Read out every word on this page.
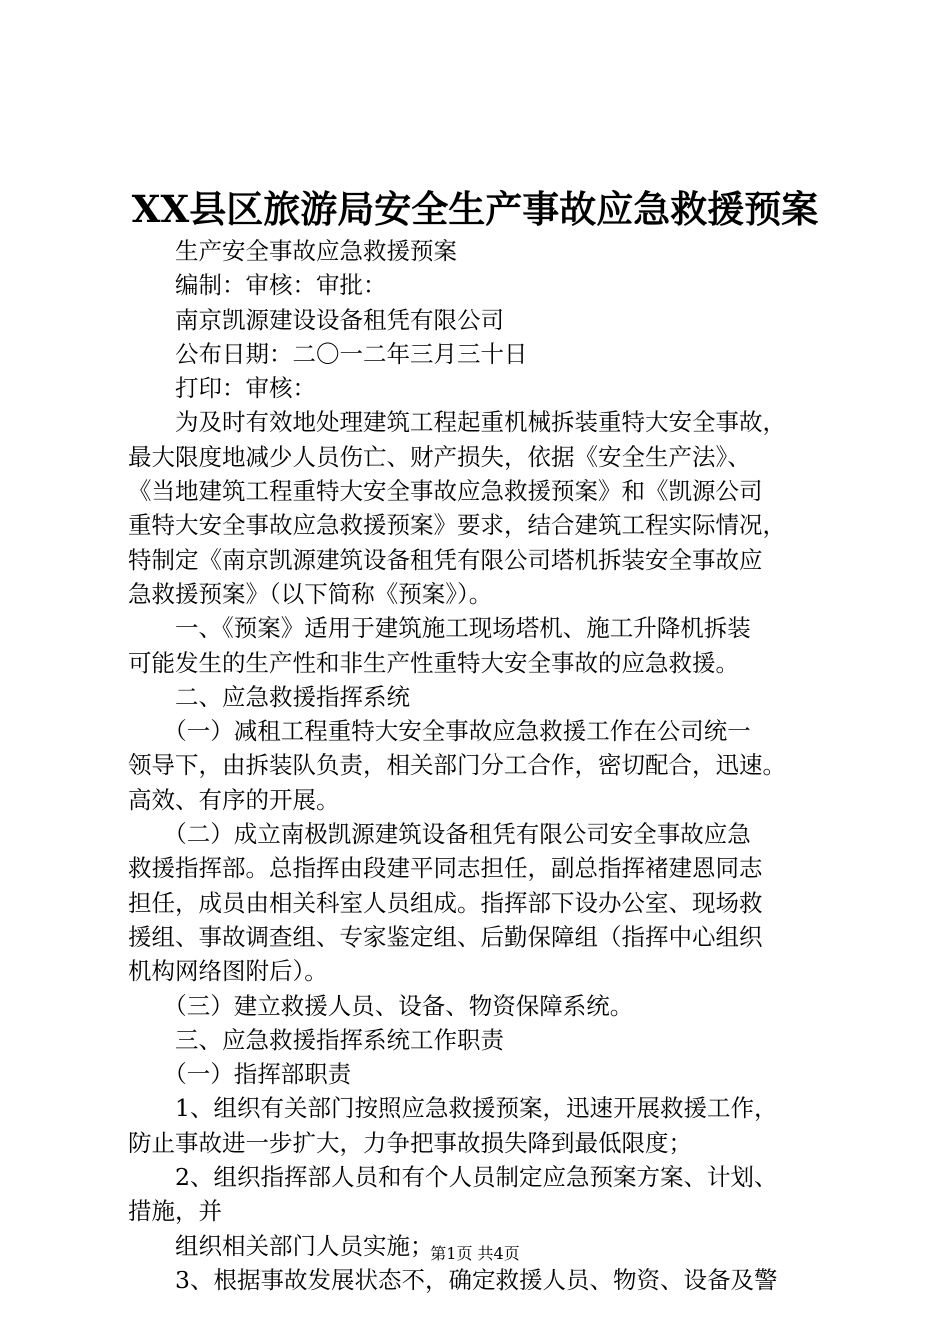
XX县区旅游局安全生产事故应急救援预案
　　生产安全事故应急救援预案
　　编制：审核：审批：
　　南京凯源建设设备租凭有限公司
　　公布日期：二〇一二年三月三十日
　　打印：审核：
　　为及时有效地处理建筑工程起重机械拆装重特大安全事故，
最大限度地减少人员伤亡、财产损失，依据《安全生产法》、
《当地建筑工程重特大安全事故应急救援预案》和《凯源公司
重特大安全事故应急救援预案》要求，结合建筑工程实际情况，
特制定《南京凯源建筑设备租凭有限公司塔机拆装安全事故应
急救援预案》（以下简称《预案》）。
　　一、《预案》适用于建筑施工现场塔机、施工升降机拆装
可能发生的生产性和非生产性重特大安全事故的应急救援。
　　二、应急救援指挥系统
　　（一）减租工程重特大安全事故应急救援工作在公司统一
领导下，由拆装队负责，相关部门分工合作，密切配合，迅速。
高效、有序的开展。
　　（二）成立南极凯源建筑设备租凭有限公司安全事故应急
救援指挥部。总指挥由段建平同志担任，副总指挥褚建恩同志
担任，成员由相关科室人员组成。指挥部下设办公室、现场救
援组、事故调查组、专家鉴定组、后勤保障组（指挥中心组织
机构网络图附后）。
　　（三）建立救援人员、设备、物资保障系统。
　　三、应急救援指挥系统工作职责
　　（一）指挥部职责
　　1、组织有关部门按照应急救援预案，迅速开展救援工作，
防止事故进一步扩大，力争把事故损失降到最低限度；
　　2、组织指挥部人员和有个人员制定应急预案方案、计划、
措施，并
　　组织相关部门人员实施；
　　3、根据事故发展状态不，确定救援人员、物资、设备及警
第1页 共4页
